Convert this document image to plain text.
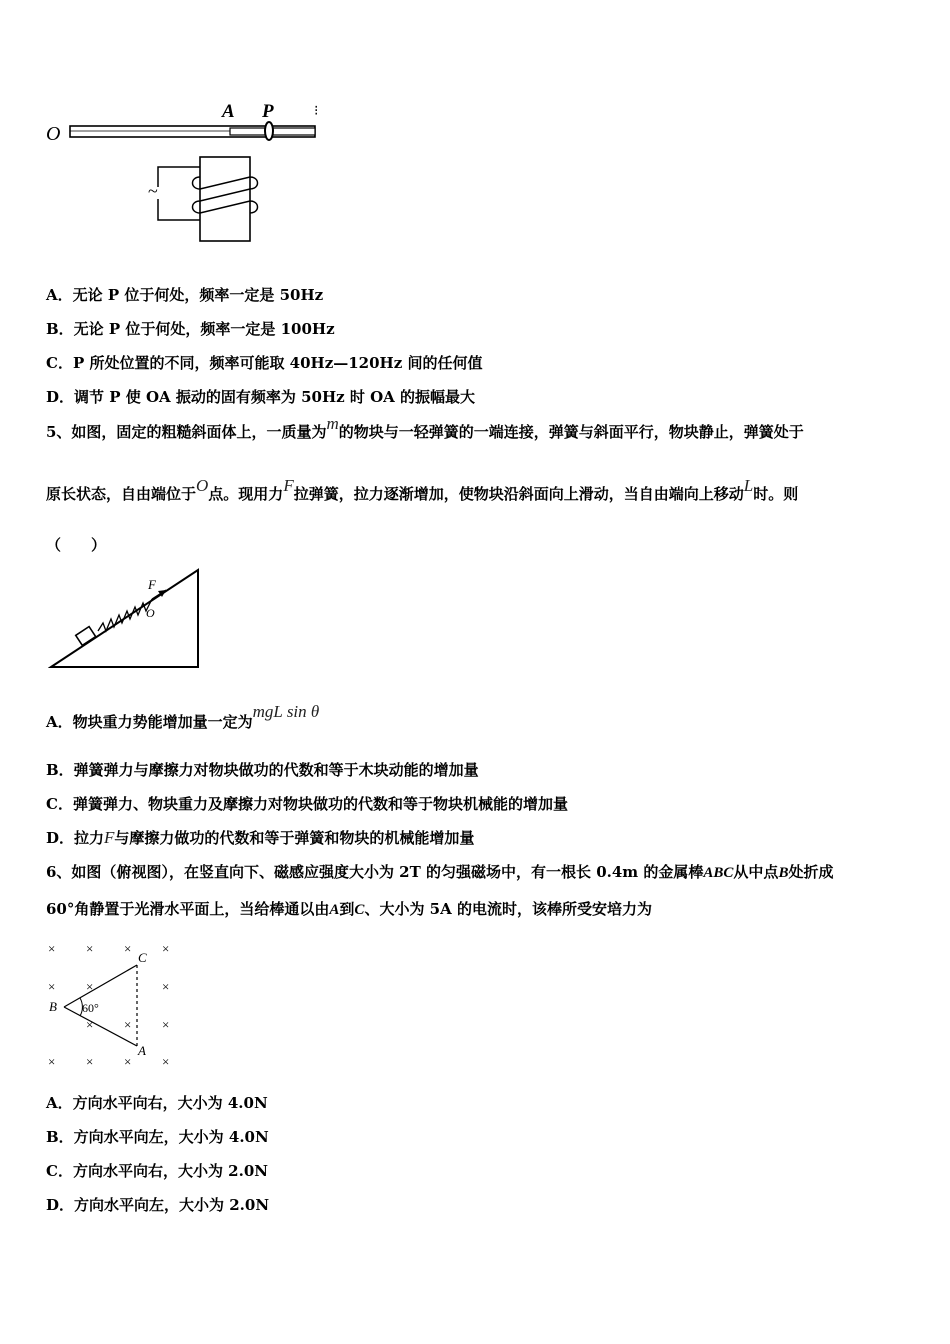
O
A P	⁝
~
A．无论 P 位于何处，频率一定是 50Hz
B．无论 P 位于何处，频率一定是 100Hz
C．P 所处位置的不同，频率可能取 40Hz—120Hz 间的任何值
D．调节 P 使 OA 振动的固有频率为 50Hz 时 OA 的振幅最大
5、如图，固定的粗糙斜面体上，一质量为m的物块与一轻弹簧的一端连接，弹簧与斜面平行，物块静止，弹簧处于
原长状态，自由端位于O点。现用力F拉弹簧，拉力逐渐增加，使物块沿斜面向上滑动，当自由端向上移动L时。则
（　　）
F
O
A．物块重力势能增加量一定为mgL sin θ
B．弹簧弹力与摩擦力对物块做功的代数和等于木块动能的增加量
C．弹簧弹力、物块重力及摩擦力对物块做功的代数和等于物块机械能的增加量
D．拉力F与摩擦力做功的代数和等于弹簧和物块的机械能增加量
6、如图（俯视图），在竖直向下、磁感应强度大小为 2T 的匀强磁场中，有一根长 0.4m 的金属棒ABC从中点B处折成
60°角静置于光滑水平面上，当给棒通以由A到C、大小为 5A 的电流时，该棒所受安培力为
× × × ×
× ×	×
× × ×
× × × ×
B
C
A
60°
A．方向水平向右，大小为 4.0N
B．方向水平向左，大小为 4.0N
C．方向水平向右，大小为 2.0N
D．方向水平向左，大小为 2.0N
